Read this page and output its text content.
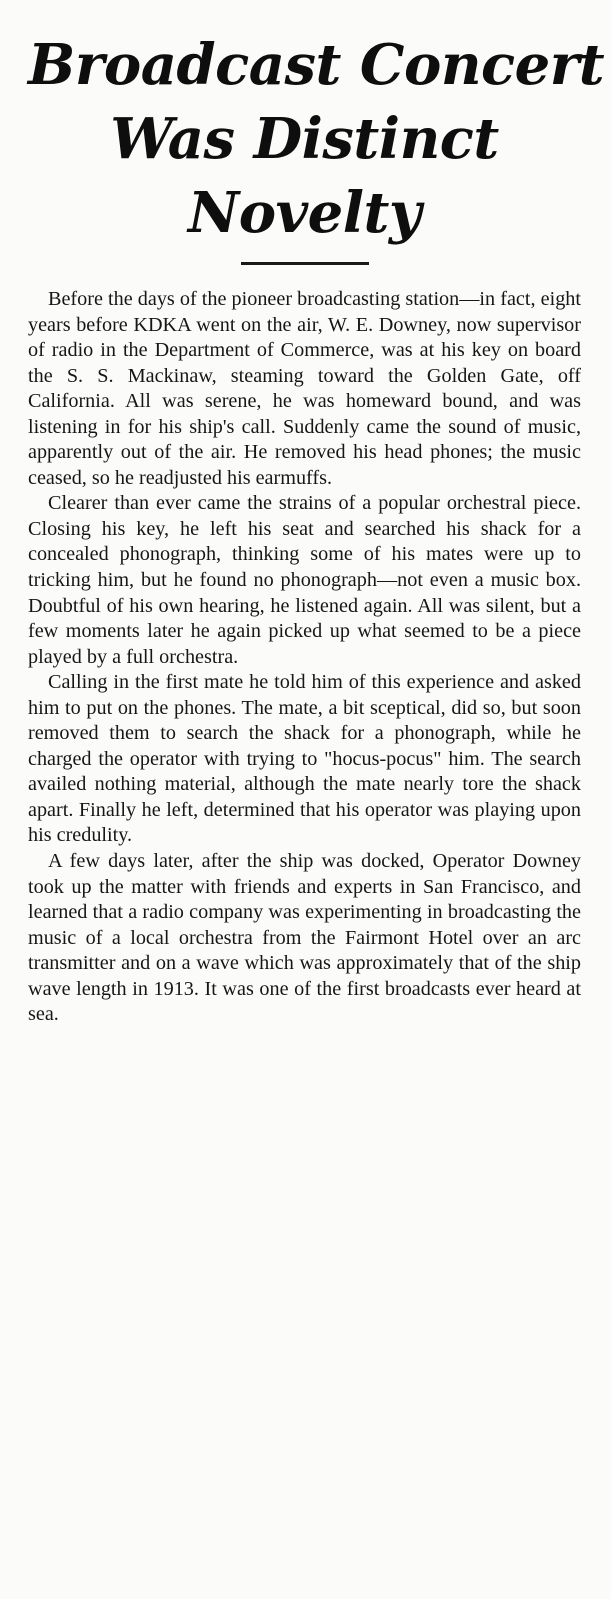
Broadcast Concert
Was Distinct
Novelty

Before the days of the pioneer broadcasting station—in fact, eight years before KDKA went on the air, W. E. Downey, now supervisor of radio in the Department of Commerce, was at his key on board the S. S. Mackinaw, steaming toward the Golden Gate, off California. All was serene, he was homeward bound, and was listening in for his ship's call. Suddenly came the sound of music, apparently out of the air. He removed his head phones; the music ceased, so he readjusted his earmuffs.

Clearer than ever came the strains of a popular orchestral piece. Closing his key, he left his seat and searched his shack for a concealed phonograph, thinking some of his mates were up to tricking him, but he found no phonograph—not even a music box. Doubtful of his own hearing, he listened again. All was silent, but a few moments later he again picked up what seemed to be a piece played by a full orchestra.

Calling in the first mate he told him of this experience and asked him to put on the phones. The mate, a bit sceptical, did so, but soon removed them to search the shack for a phonograph, while he charged the operator with trying to "hocus-pocus" him. The search availed nothing material, although the mate nearly tore the shack apart. Finally he left, determined that his operator was playing upon his credulity.

A few days later, after the ship was docked, Operator Downey took up the matter with friends and experts in San Francisco, and learned that a radio company was experimenting in broadcasting the music of a local orchestra from the Fairmont Hotel over an arc transmitter and on a wave which was approximately that of the ship wave length in 1913. It was one of the first broadcasts ever heard at sea.
